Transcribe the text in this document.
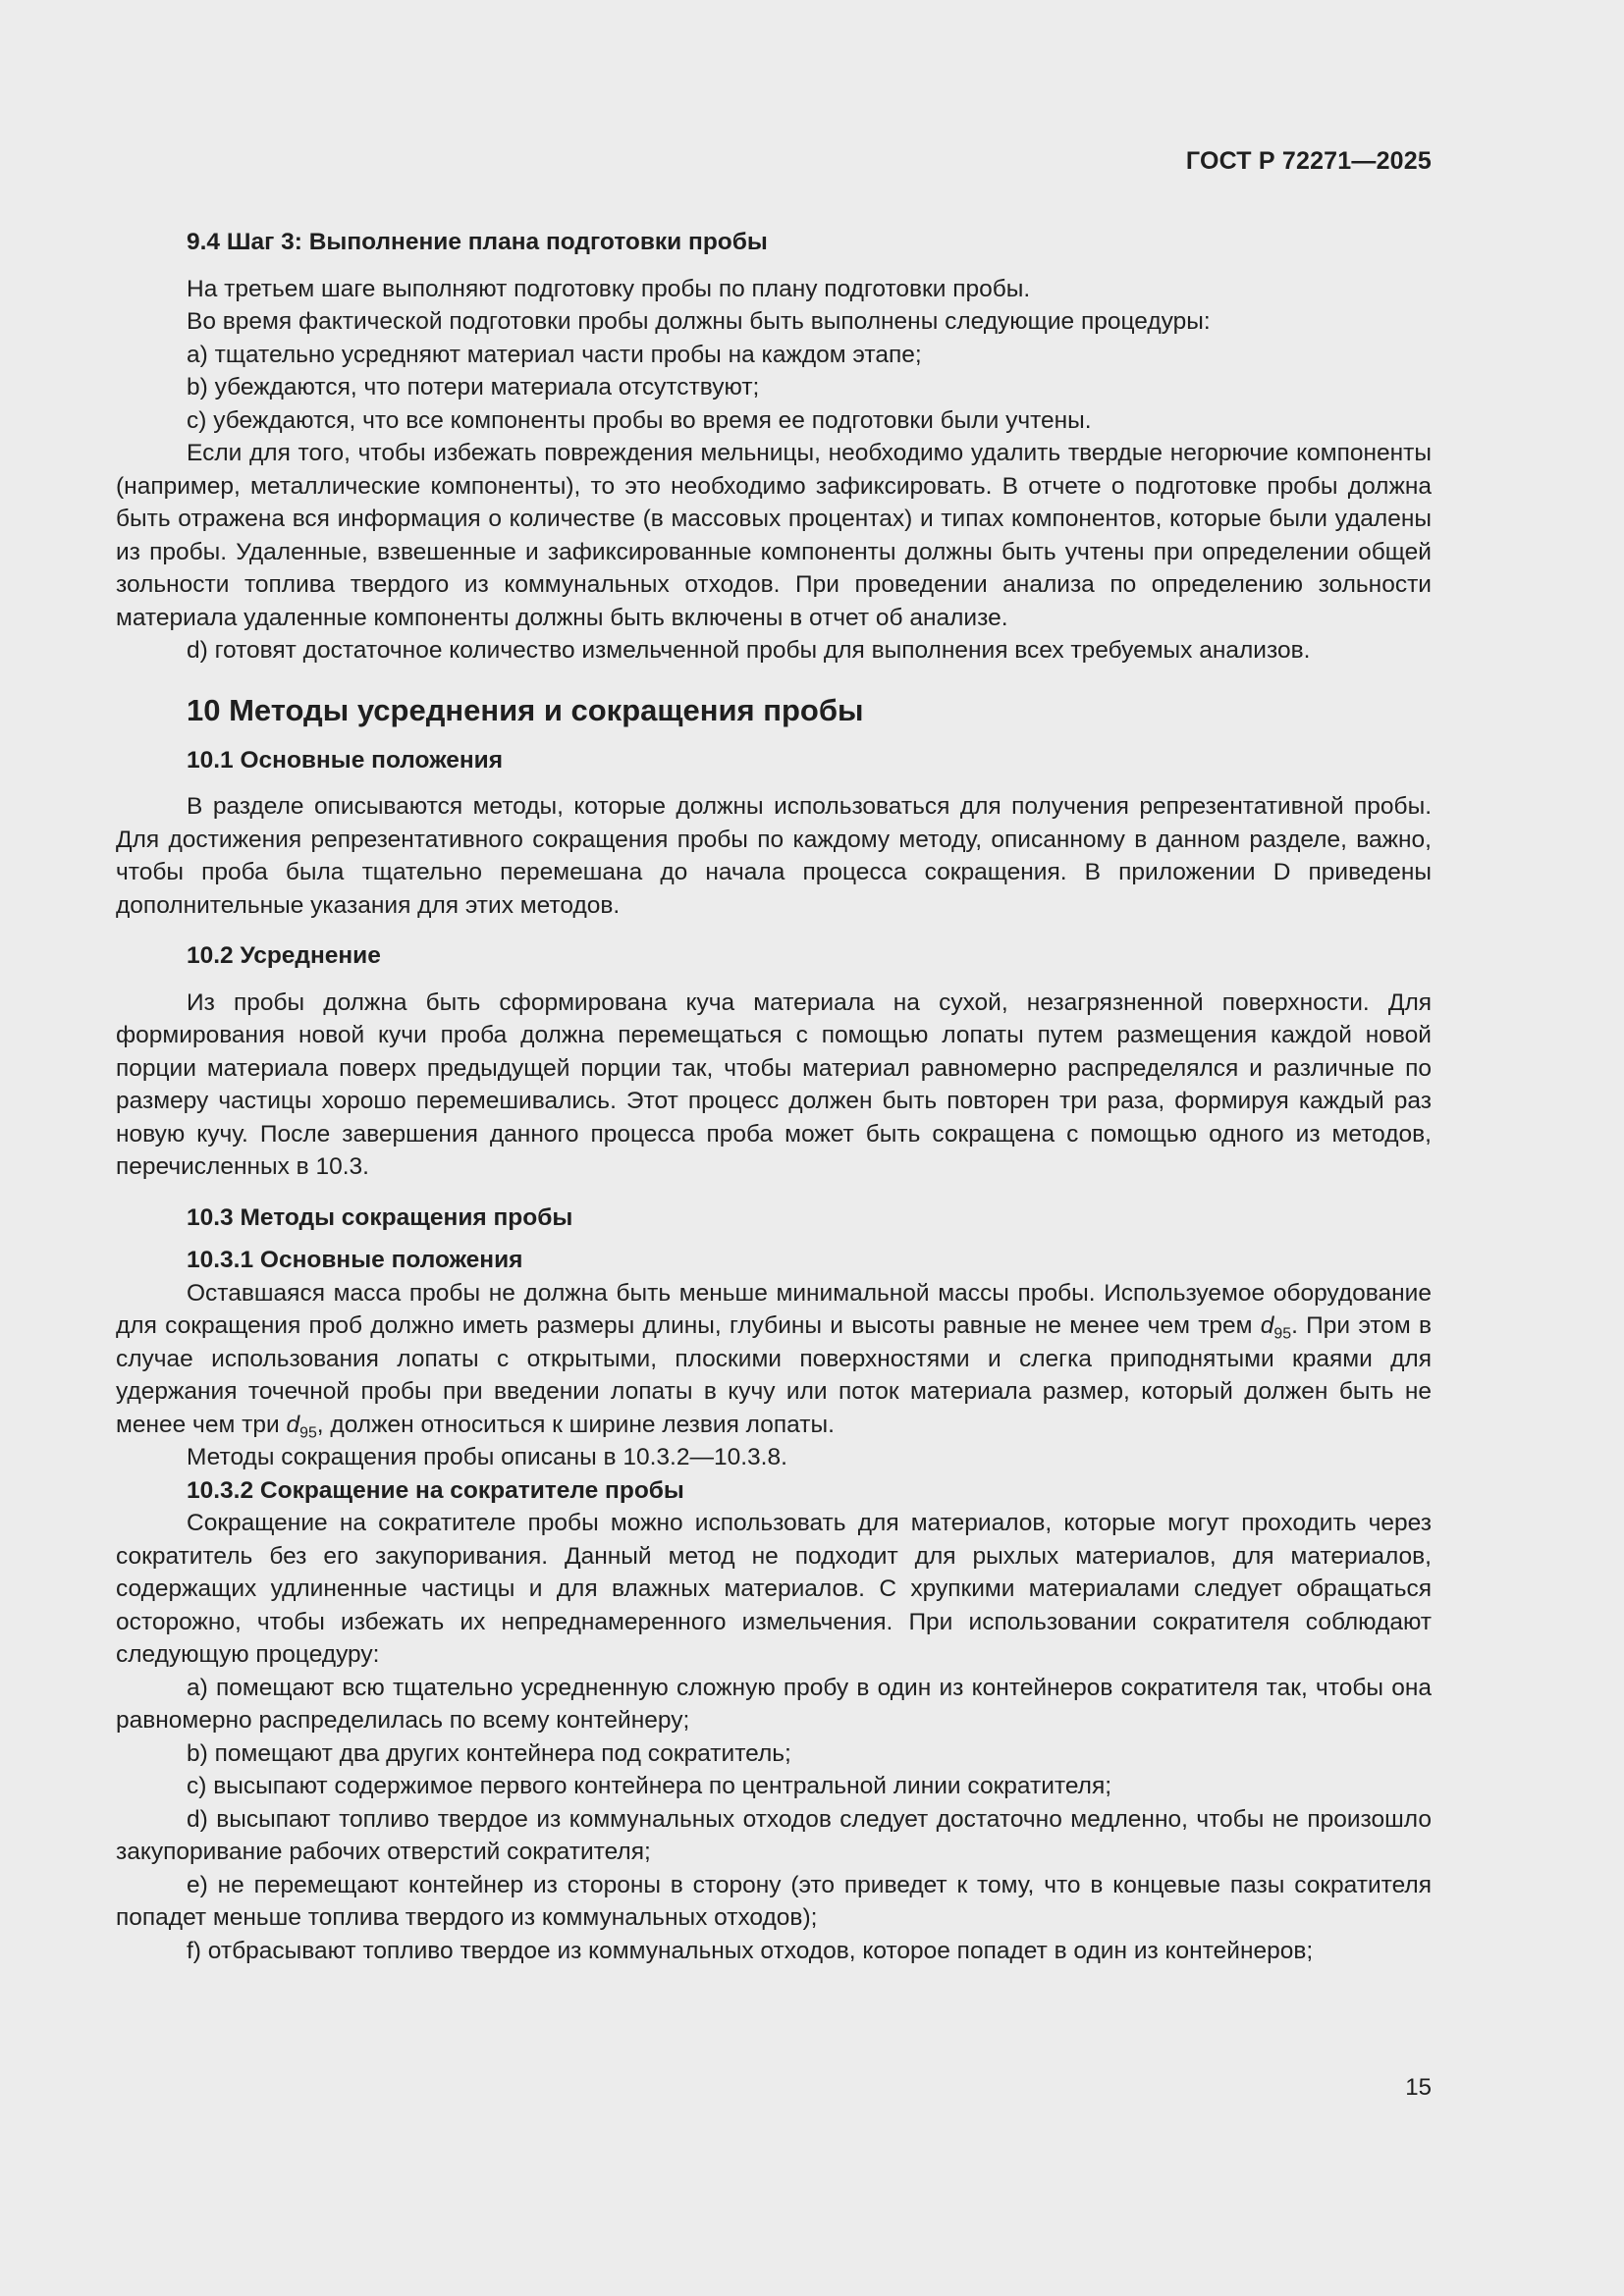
ГОСТ Р 72271—2025

9.4 Шаг 3: Выполнение плана подготовки пробы

На третьем шаге выполняют подготовку пробы по плану подготовки пробы.

Во время фактической подготовки пробы должны быть выполнены следующие процедуры:

a) тщательно усредняют материал части пробы на каждом этапе;

b) убеждаются, что потери материала отсутствуют;

c) убеждаются, что все компоненты пробы во время ее подготовки были учтены.

Если для того, чтобы избежать повреждения мельницы, необходимо удалить твердые негорючие компоненты (например, металлические компоненты), то это необходимо зафиксировать. В отчете о подготовке пробы должна быть отражена вся информация о количестве (в массовых процентах) и типах компонентов, которые были удалены из пробы. Удаленные, взвешенные и зафиксированные компоненты должны быть учтены при определении общей зольности топлива твердого из коммунальных отходов. При проведении анализа по определению зольности материала удаленные компоненты должны быть включены в отчет об анализе.

d) готовят достаточное количество измельченной пробы для выполнения всех требуемых анализов.

10 Методы усреднения и сокращения пробы

10.1 Основные положения

В разделе описываются методы, которые должны использоваться для получения репрезентативной пробы. Для достижения репрезентативного сокращения пробы по каждому методу, описанному в данном разделе, важно, чтобы проба была тщательно перемешана до начала процесса сокращения. В приложении D приведены дополнительные указания для этих методов.

10.2 Усреднение

Из пробы должна быть сформирована куча материала на сухой, незагрязненной поверхности. Для формирования новой кучи проба должна перемещаться с помощью лопаты путем размещения каждой новой порции материала поверх предыдущей порции так, чтобы материал равномерно распределялся и различные по размеру частицы хорошо перемешивались. Этот процесс должен быть повторен три раза, формируя каждый раз новую кучу. После завершения данного процесса проба может быть сокращена с помощью одного из методов, перечисленных в 10.3.

10.3 Методы сокращения пробы

10.3.1 Основные положения

Оставшаяся масса пробы не должна быть меньше минимальной массы пробы. Используемое оборудование для сокращения проб должно иметь размеры длины, глубины и высоты равные не менее чем трем $d_{95}$. При этом в случае использования лопаты с открытыми, плоскими поверхностями и слегка приподнятыми краями для удержания точечной пробы при введении лопаты в кучу или поток материала размер, который должен быть не менее чем три $d_{95}$, должен относиться к ширине лезвия лопаты.

Методы сокращения пробы описаны в 10.3.2—10.3.8.

10.3.2 Сокращение на сократителе пробы

Сокращение на сократителе пробы можно использовать для материалов, которые могут проходить через сократитель без его закупоривания. Данный метод не подходит для рыхлых материалов, для материалов, содержащих удлиненные частицы и для влажных материалов. С хрупкими материалами следует обращаться осторожно, чтобы избежать их непреднамеренного измельчения. При использовании сократителя соблюдают следующую процедуру:

a) помещают всю тщательно усредненную сложную пробу в один из контейнеров сократителя так, чтобы она равномерно распределилась по всему контейнеру;

b) помещают два других контейнера под сократитель;

c) высыпают содержимое первого контейнера по центральной линии сократителя;

d) высыпают топливо твердое из коммунальных отходов следует достаточно медленно, чтобы не произошло закупоривание рабочих отверстий сократителя;

e) не перемещают контейнер из стороны в сторону (это приведет к тому, что в концевые пазы сократителя попадет меньше топлива твердого из коммунальных отходов);

f) отбрасывают топливо твердое из коммунальных отходов, которое попадет в один из контейнеров;

15
